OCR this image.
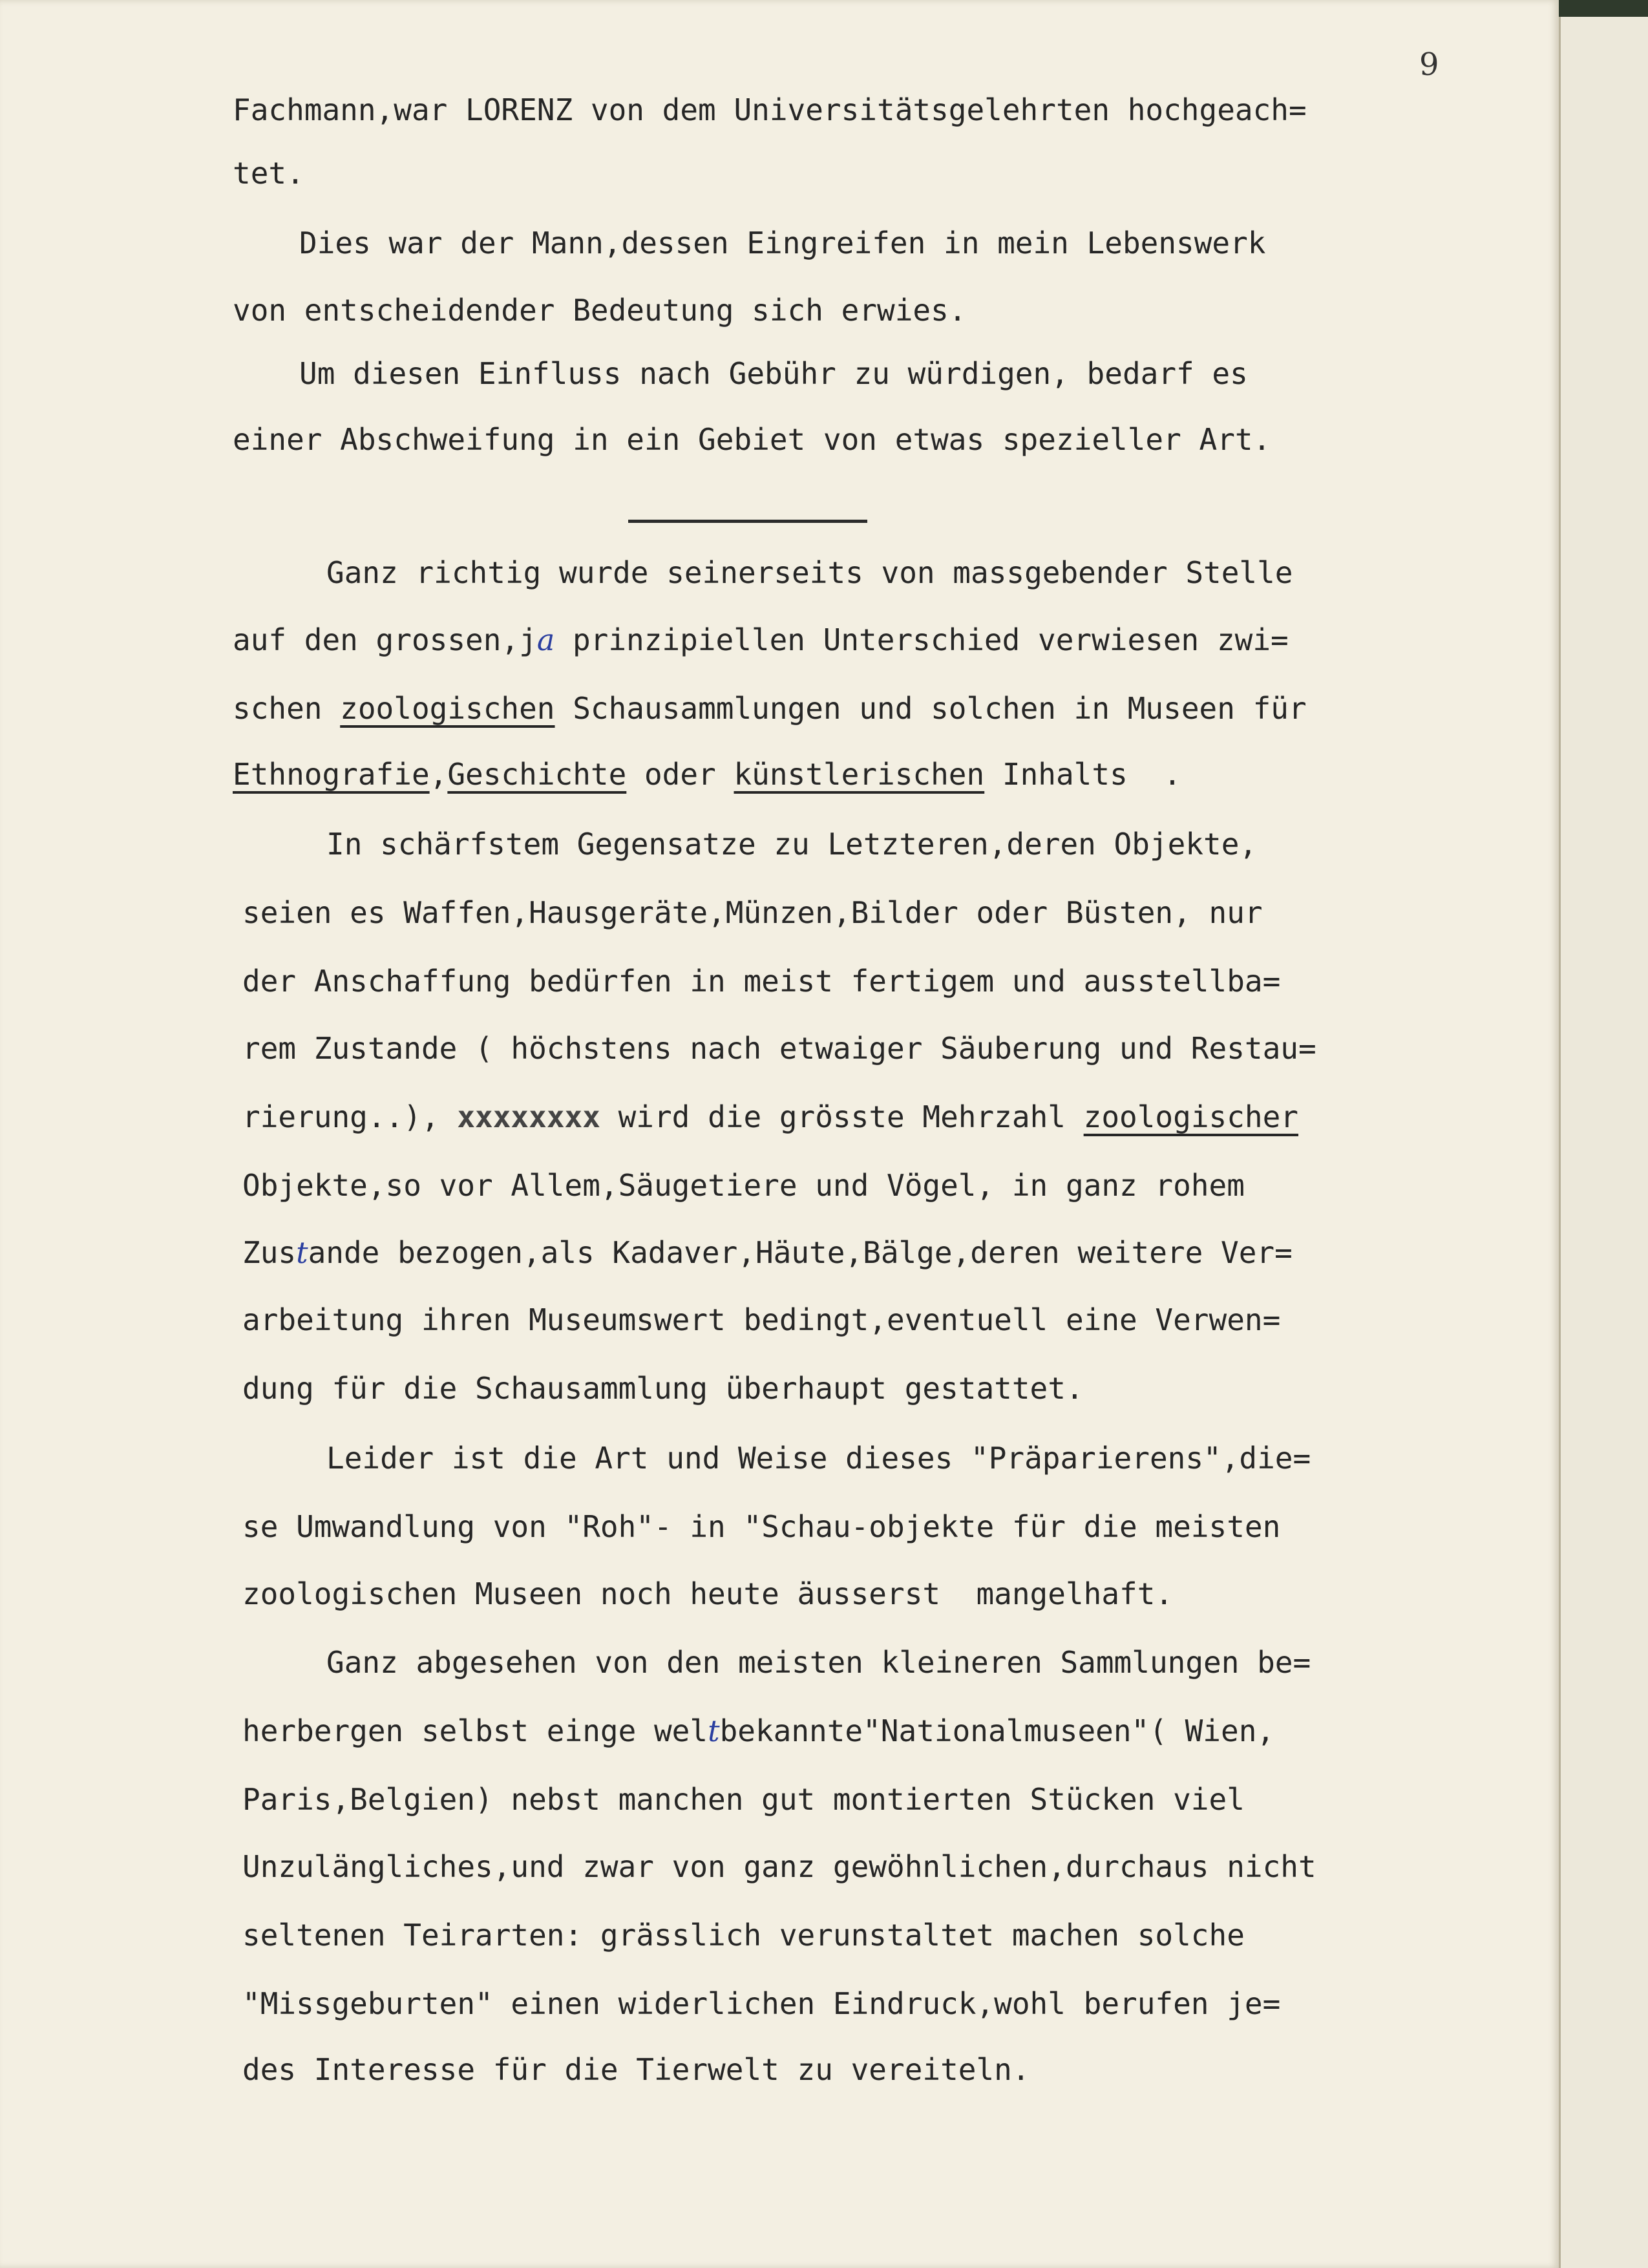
9

Fachmann,war LORENZ von dem Universitätsgelehrten hochgeach=

tet.

Dies war der Mann,dessen Eingreifen in mein Lebenswerk

von entscheidender Bedeutung sich erwies.

Um diesen Einfluss nach Gebühr zu würdigen, bedarf es

einer Abschweifung in ein Gebiet von etwas spezieller Art.

Ganz richtig wurde seinerseits von massgebender Stelle

auf den grossen,ja prinzipiellen Unterschied verwiesen zwi=

schen zoologischen Schausammlungen und solchen in Museen für

Ethnografie,Geschichte oder künstlerischen Inhalts  .

In schärfstem Gegensatze zu Letzteren,deren Objekte,

seien es Waffen,Hausgeräte,Münzen,Bilder oder Büsten, nur

der Anschaffung bedürfen in meist fertigem und ausstellba=

rem Zustande ( höchstens nach etwaiger Säuberung und Restau=

rierung..), xxxxxxxx wird die grösste Mehrzahl zoologischer

Objekte,so vor Allem,Säugetiere und Vögel, in ganz rohem

Zustande bezogen,als Kadaver,Häute,Bälge,deren weitere Ver=

arbeitung ihren Museumswert bedingt,eventuell eine Verwen=

dung für die Schausammlung überhaupt gestattet.

Leider ist die Art und Weise dieses "Präparierens",die=

se Umwandlung von "Roh"- in "Schau-objekte für die meisten

zoologischen Museen noch heute äusserst  mangelhaft.

Ganz abgesehen von den meisten kleineren Sammlungen be=

herbergen selbst einge weltbekannte"Nationalmuseen"( Wien,

Paris,Belgien) nebst manchen gut montierten Stücken viel

Unzulängliches,und zwar von ganz gewöhnlichen,durchaus nicht

seltenen Teirarten: grässlich verunstaltet machen solche

"Missgeburten" einen widerlichen Eindruck,wohl berufen je=

des Interesse für die Tierwelt zu vereiteln.
